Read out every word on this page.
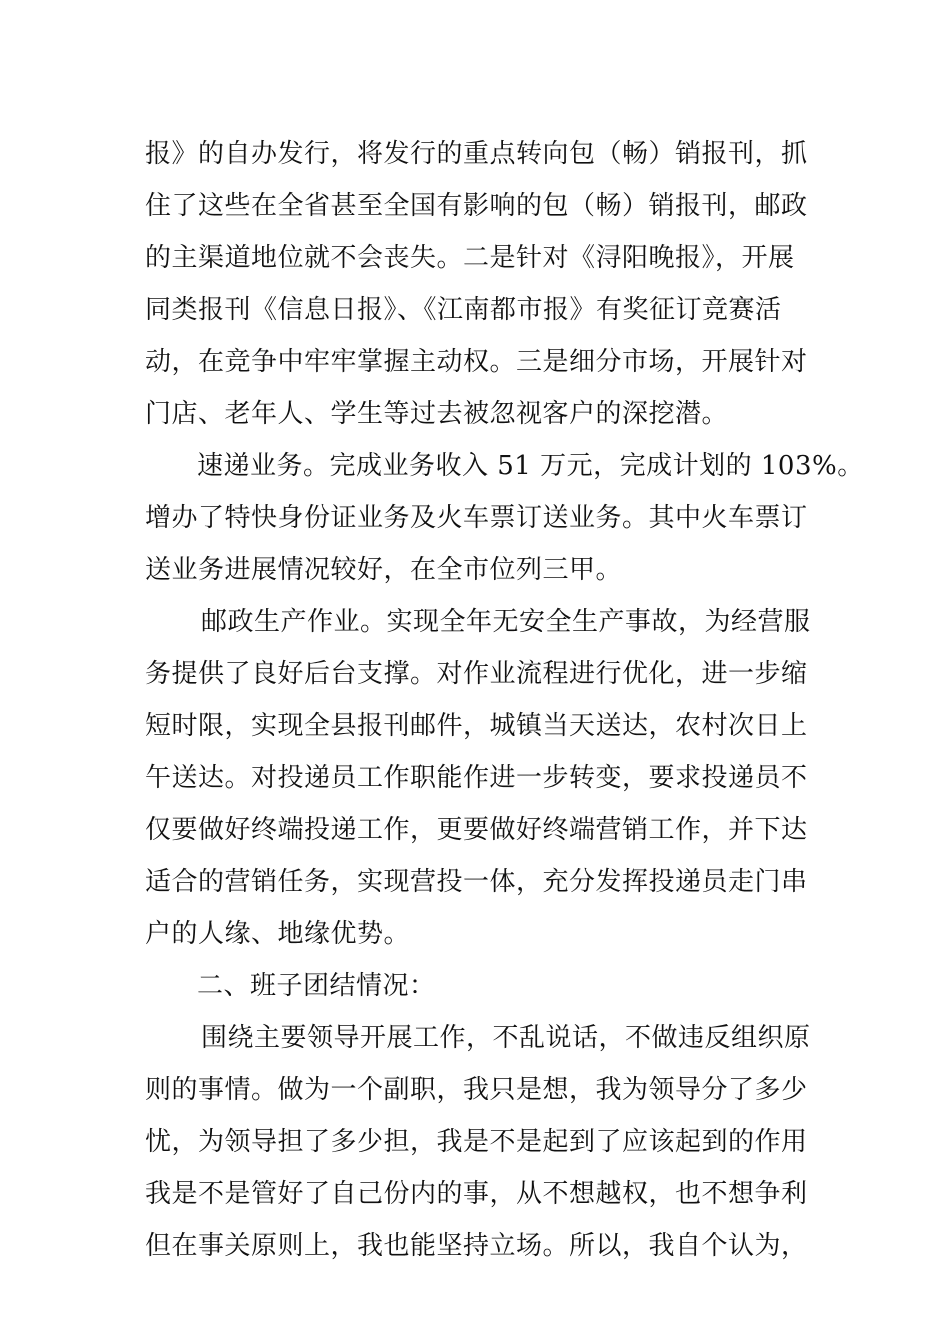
报》的自办发行，将发行的重点转向包（畅）销报刊，抓
住了这些在全省甚至全国有影响的包（畅）销报刊，邮政
的主渠道地位就不会丧失。二是针对《浔阳晚报》，开展
同类报刊《信息日报》、《江南都市报》有奖征订竞赛活
动，在竞争中牢牢掌握主动权。三是细分市场，开展针对
门店、老年人、学生等过去被忽视客户的深挖潜。
速递业务。完成业务收入 51 万元，完成计划的 103%。
增办了特快身份证业务及火车票订送业务。其中火车票订
送业务进展情况较好，在全市位列三甲。
邮政生产作业。实现全年无安全生产事故，为经营服
务提供了良好后台支撑。对作业流程进行优化，进一步缩
短时限，实现全县报刊邮件，城镇当天送达，农村次日上
午送达。对投递员工作职能作进一步转变，要求投递员不
仅要做好终端投递工作，更要做好终端营销工作，并下达
适合的营销任务，实现营投一体，充分发挥投递员走门串
户的人缘、地缘优势。
二、班子团结情况：
围绕主要领导开展工作，不乱说话，不做违反组织原
则的事情。做为一个副职，我只是想，我为领导分了多少
忧，为领导担了多少担，我是不是起到了应该起到的作用
我是不是管好了自己份内的事，从不想越权，也不想争利
但在事关原则上，我也能坚持立场。所以，我自个认为，
